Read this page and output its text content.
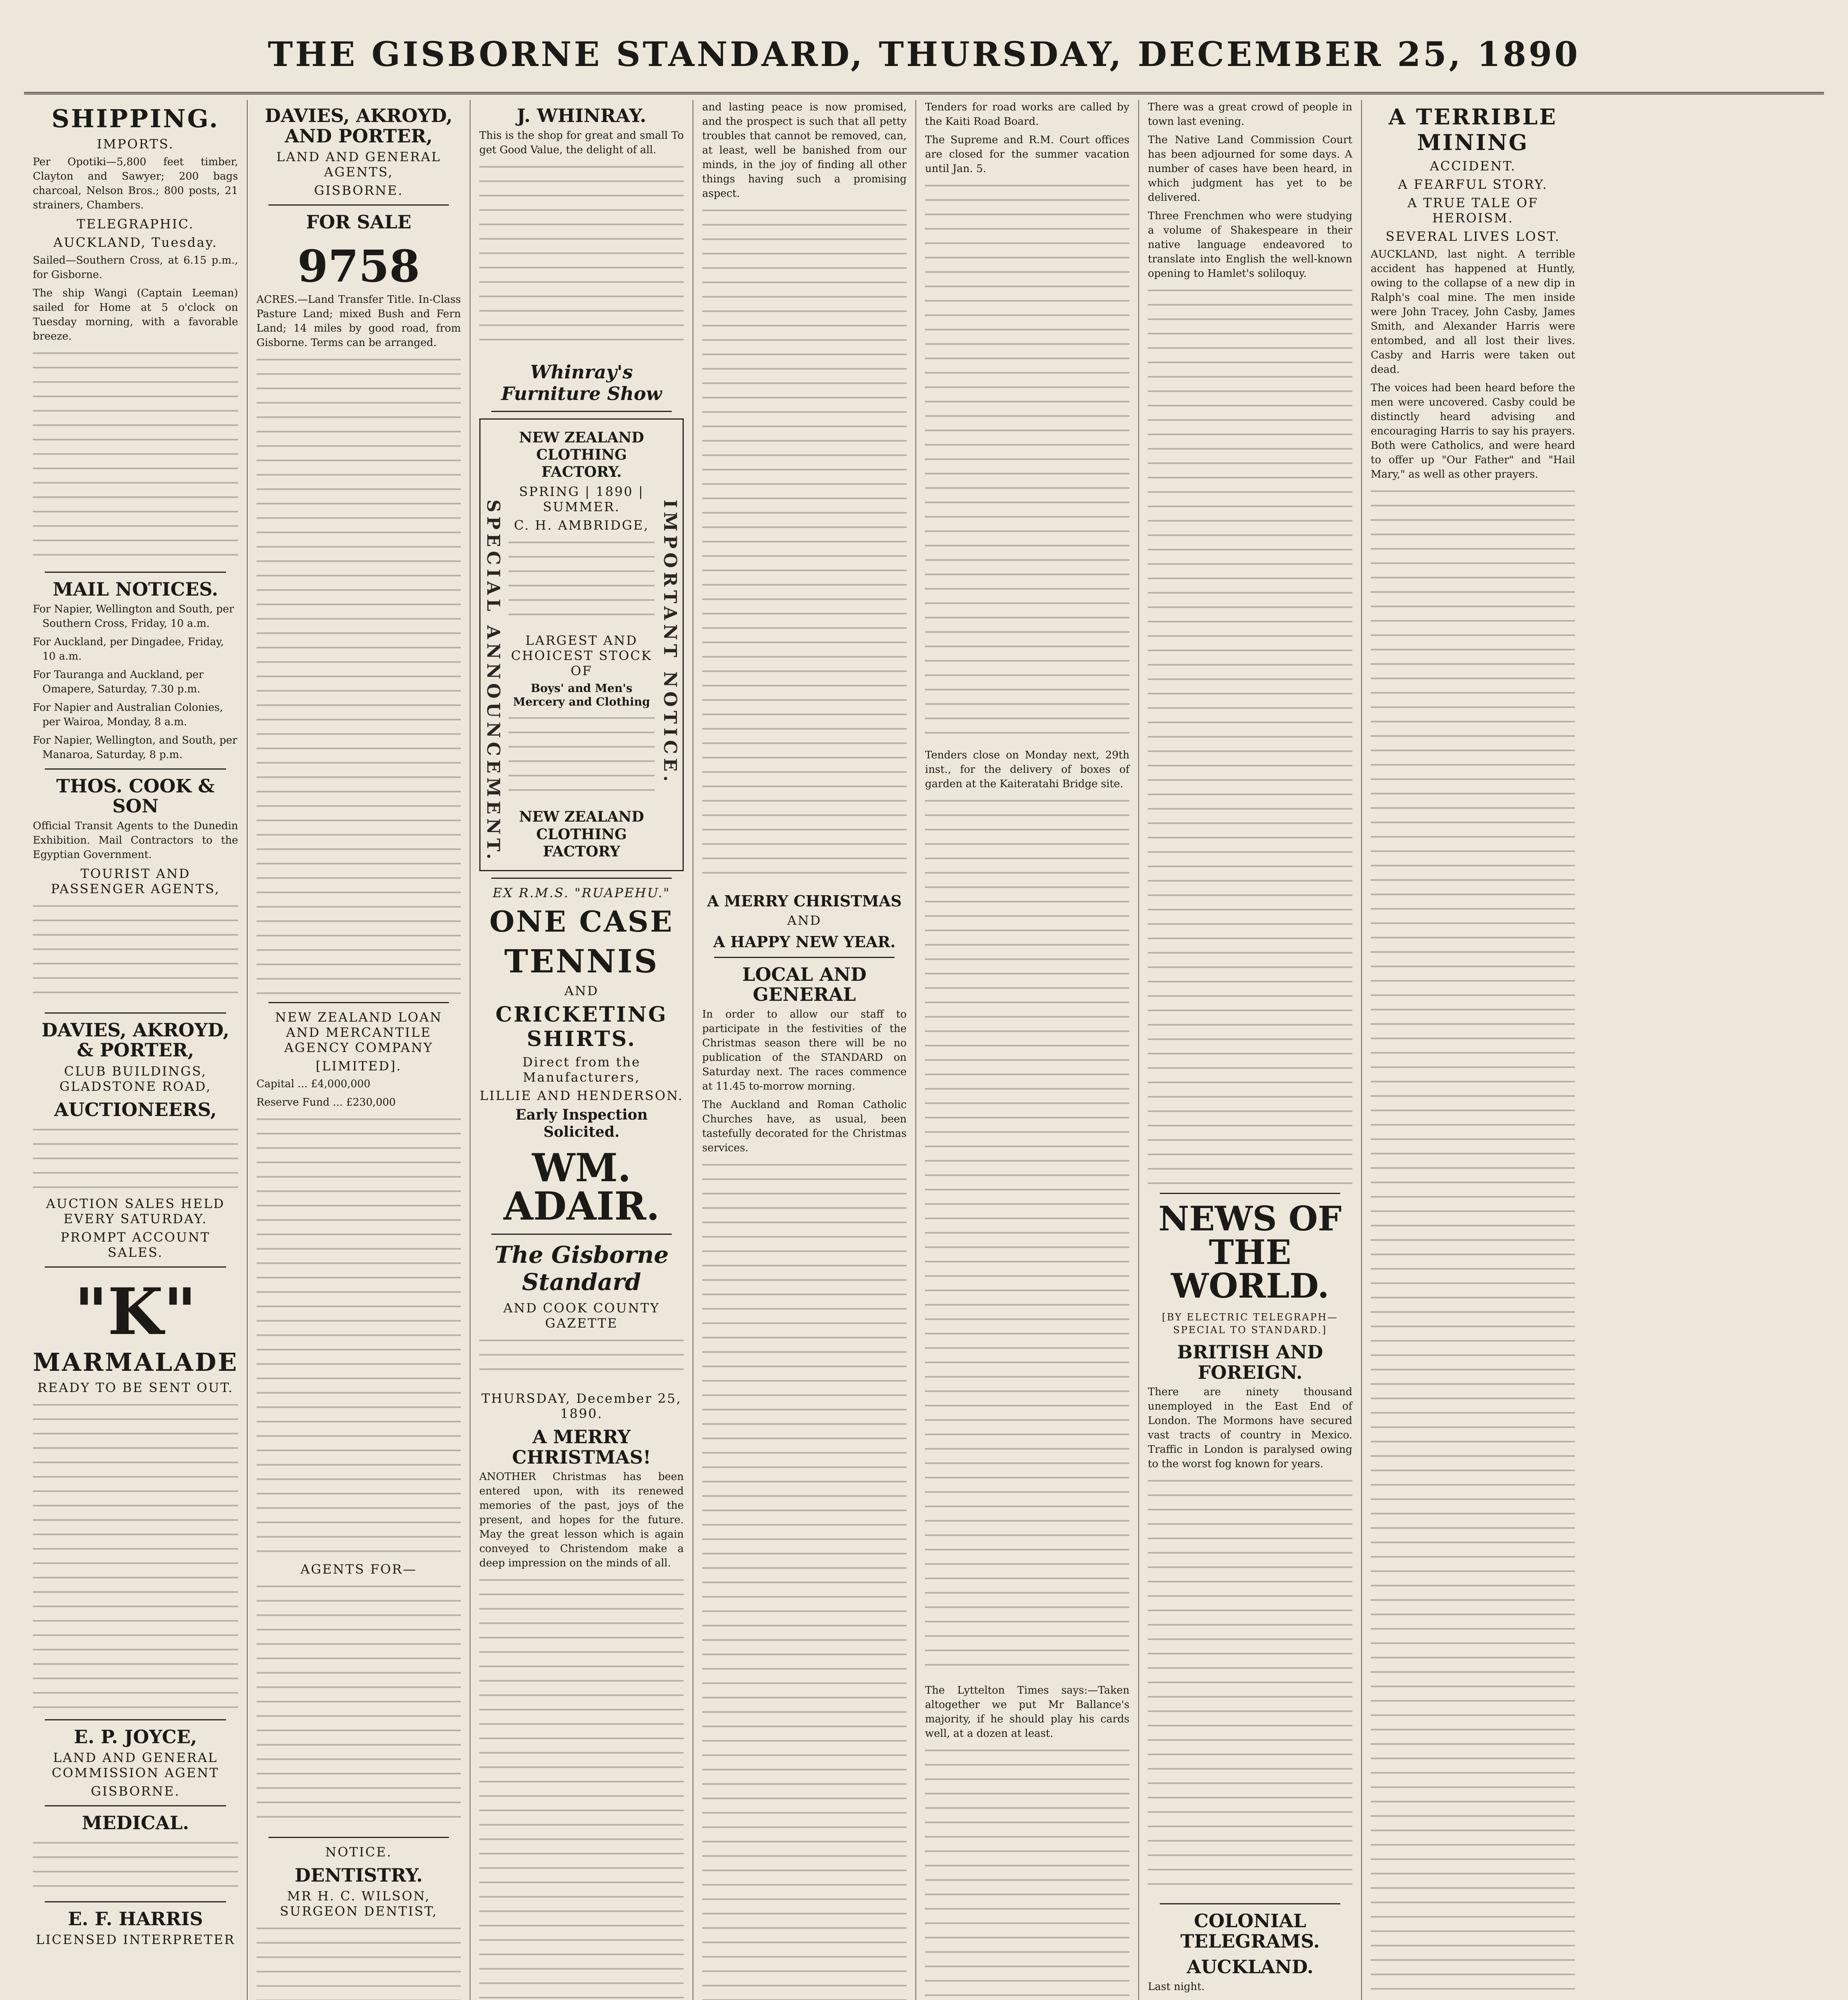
THE GISBORNE STANDARD, THURSDAY, DECEMBER 25, 1890
SHIPPING.
IMPORTS.

Per Opotiki—5,800 feet timber, Clayton and Sawyer; 200 bags charcoal, Nelson Bros.; 800 posts, 21 strainers, Chambers.

TELEGRAPHIC.
AUCKLAND, Tuesday.

Sailed—Southern Cross, at 6.15 p.m., for Gisborne.

The ship Wangi (Captain Leeman) sailed for Home at 5 o'clock on Tuesday morning, with a favorable breeze.

MAIL NOTICES.
For Napier, Wellington and South, per Southern Cross, Friday, 10 a.m.
For Auckland, per Dingadee, Friday, 10 a.m.
For Tauranga and Auckland, per Omapere, Saturday, 7.30 p.m.
For Napier and Australian Colonies, per Wairoa, Monday, 8 a.m.
For Napier, Wellington, and South, per Manaroa, Saturday, 8 p.m.
THOS. COOK & SON

Official Transit Agents to the Dunedin Exhibition. Mail Contractors to the Egyptian Government.

TOURIST AND PASSENGER AGENTS,
DAVIES, AKROYD, & PORTER,
CLUB BUILDINGS, GLADSTONE ROAD,
AUCTIONEERS,
AUCTION SALES HELD EVERY SATURDAY.
PROMPT ACCOUNT SALES.
"K"
MARMALADE
READY TO BE SENT OUT.
E. P. JOYCE,
LAND AND GENERAL COMMISSION AGENT
GISBORNE.
MEDICAL.
E. F. HARRIS
LICENSED INTERPRETER
DAVIES, AKROYD, AND PORTER,
LAND AND GENERAL AGENTS,
GISBORNE.
FOR SALE
9758

ACRES.—Land Transfer Title. In-Class Pasture Land; mixed Bush and Fern Land; 14 miles by good road, from Gisborne. Terms can be arranged.

NEW ZEALAND LOAN AND MERCANTILE AGENCY COMPANY
[LIMITED].

Capital ... £4,000,000

Reserve Fund ... £230,000

AGENTS FOR—
NOTICE.
DENTISTRY.
MR H. C. WILSON, SURGEON DENTIST,
J. WHINRAY.

This is the shop for great and small To get Good Value, the delight of all.

Whinray's Furniture Show
SPECIAL ANNOUNCEMENT.	IMPORTANT NOTICE.
NEW ZEALAND CLOTHING FACTORY.
SPRING | 1890 | SUMMER.
C. H. AMBRIDGE,
LARGEST AND CHOICEST STOCK OF
Boys' and Men's Mercery and Clothing
NEW ZEALAND CLOTHING FACTORY
EX R.M.S. "RUAPEHU."
ONE CASE
TENNIS
AND
CRICKETING SHIRTS.
Direct from the Manufacturers,
LILLIE AND HENDERSON.
Early Inspection Solicited.
WM. ADAIR.
The Gisborne Standard
AND COOK COUNTY GAZETTE
THURSDAY, December 25, 1890.
A MERRY CHRISTMAS!

ANOTHER Christmas has been entered upon, with its renewed memories of the past, joys of the present, and hopes for the future. May the great lesson which is again conveyed to Christendom make a deep impression on the minds of all.

and lasting peace is now promised, and the prospect is such that all petty troubles that cannot be removed, can, at least, well be banished from our minds, in the joy of finding all other things having such a promising aspect.

A MERRY CHRISTMAS
AND
A HAPPY NEW YEAR.
LOCAL AND GENERAL

In order to allow our staff to participate in the festivities of the Christmas season there will be no publication of the STANDARD on Saturday next. The races commence at 11.45 to-morrow morning.

The Auckland and Roman Catholic Churches have, as usual, been tastefully decorated for the Christmas services.

Tenders for road works are called by the Kaiti Road Board.

The Supreme and R.M. Court offices are closed for the summer vacation until Jan. 5.

Tenders close on Monday next, 29th inst., for the delivery of boxes of garden at the Kaiteratahi Bridge site.

The Lyttelton Times says:—Taken altogether we put Mr Ballance's majority, if he should play his cards well, at a dozen at least.

There was a great crowd of people in town last evening.

The Native Land Commission Court has been adjourned for some days. A number of cases have been heard, in which judgment has yet to be delivered.

Three Frenchmen who were studying a volume of Shakespeare in their native language endeavored to translate into English the well-known opening to Hamlet's soliloquy.

NEWS OF THE WORLD.
[BY ELECTRIC TELEGRAPH—SPECIAL TO STANDARD.]
BRITISH AND FOREIGN.

There are ninety thousand unemployed in the East End of London. The Mormons have secured vast tracts of country in Mexico. Traffic in London is paralysed owing to the worst fog known for years.

COLONIAL TELEGRAMS.
AUCKLAND.

Last night.

A TERRIBLE MINING
ACCIDENT.
A FEARFUL STORY.
A TRUE TALE OF HEROISM.
SEVERAL LIVES LOST.

AUCKLAND, last night. A terrible accident has happened at Huntly, owing to the collapse of a new dip in Ralph's coal mine. The men inside were John Tracey, John Casby, James Smith, and Alexander Harris were entombed, and all lost their lives. Casby and Harris were taken out dead.

The voices had been heard before the men were uncovered. Casby could be distinctly heard advising and encouraging Harris to say his prayers. Both were Catholics, and were heard to offer up "Our Father" and "Hail Mary," as well as other prayers.
